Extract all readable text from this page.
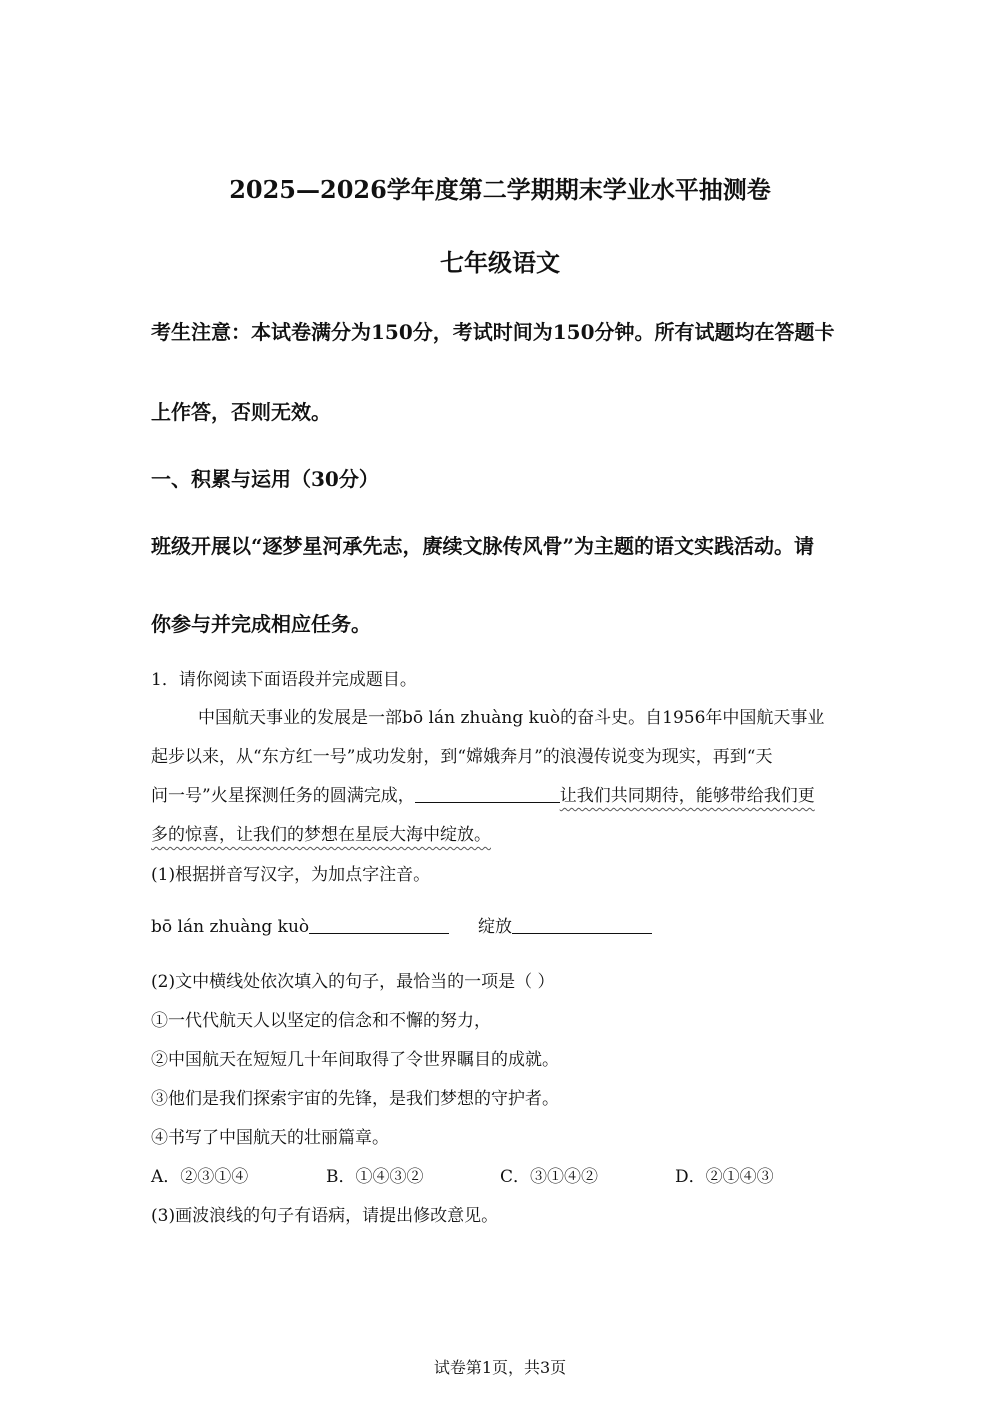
2025—2026学年度第二学期期末学业水平抽测卷
七年级语文
考生注意：本试卷满分为150分，考试时间为150分钟。所有试题均在答题卡
上作答，否则无效。
一、积累与运用（30分）
班级开展以“逐梦星河承先志，赓续文脉传风骨”为主题的语文实践活动。请
你参与并完成相应任务。
1．请你阅读下面语段并完成题目。
中国航天事业的发展是一部bō lán zhuàng kuò的奋斗史。自1956年中国航天事业
起步以来，从“东方红一号”成功发射，到“嫦娥奔月”的浪漫传说变为现实，再到“天
问一号”火星探测任务的圆满完成，	让我们共同期待，能够带给我们更
多的惊喜，让我们的梦想在星辰大海中绽放。
(1)根据拼音写汉字，为加点字注音。
bō lán zhuàng kuò	绽放
(2)文中横线处依次填入的句子，最恰当的一项是（ ）
①一代代航天人以坚定的信念和不懈的努力，
②中国航天在短短几十年间取得了令世界瞩目的成就。
③他们是我们探索宇宙的先锋，是我们梦想的守护者。
④书写了中国航天的壮丽篇章。
A．②③①④	B．①④③②	C．③①④②	D．②①④③
(3)画波浪线的句子有语病，请提出修改意见。
试卷第1页，共3页
